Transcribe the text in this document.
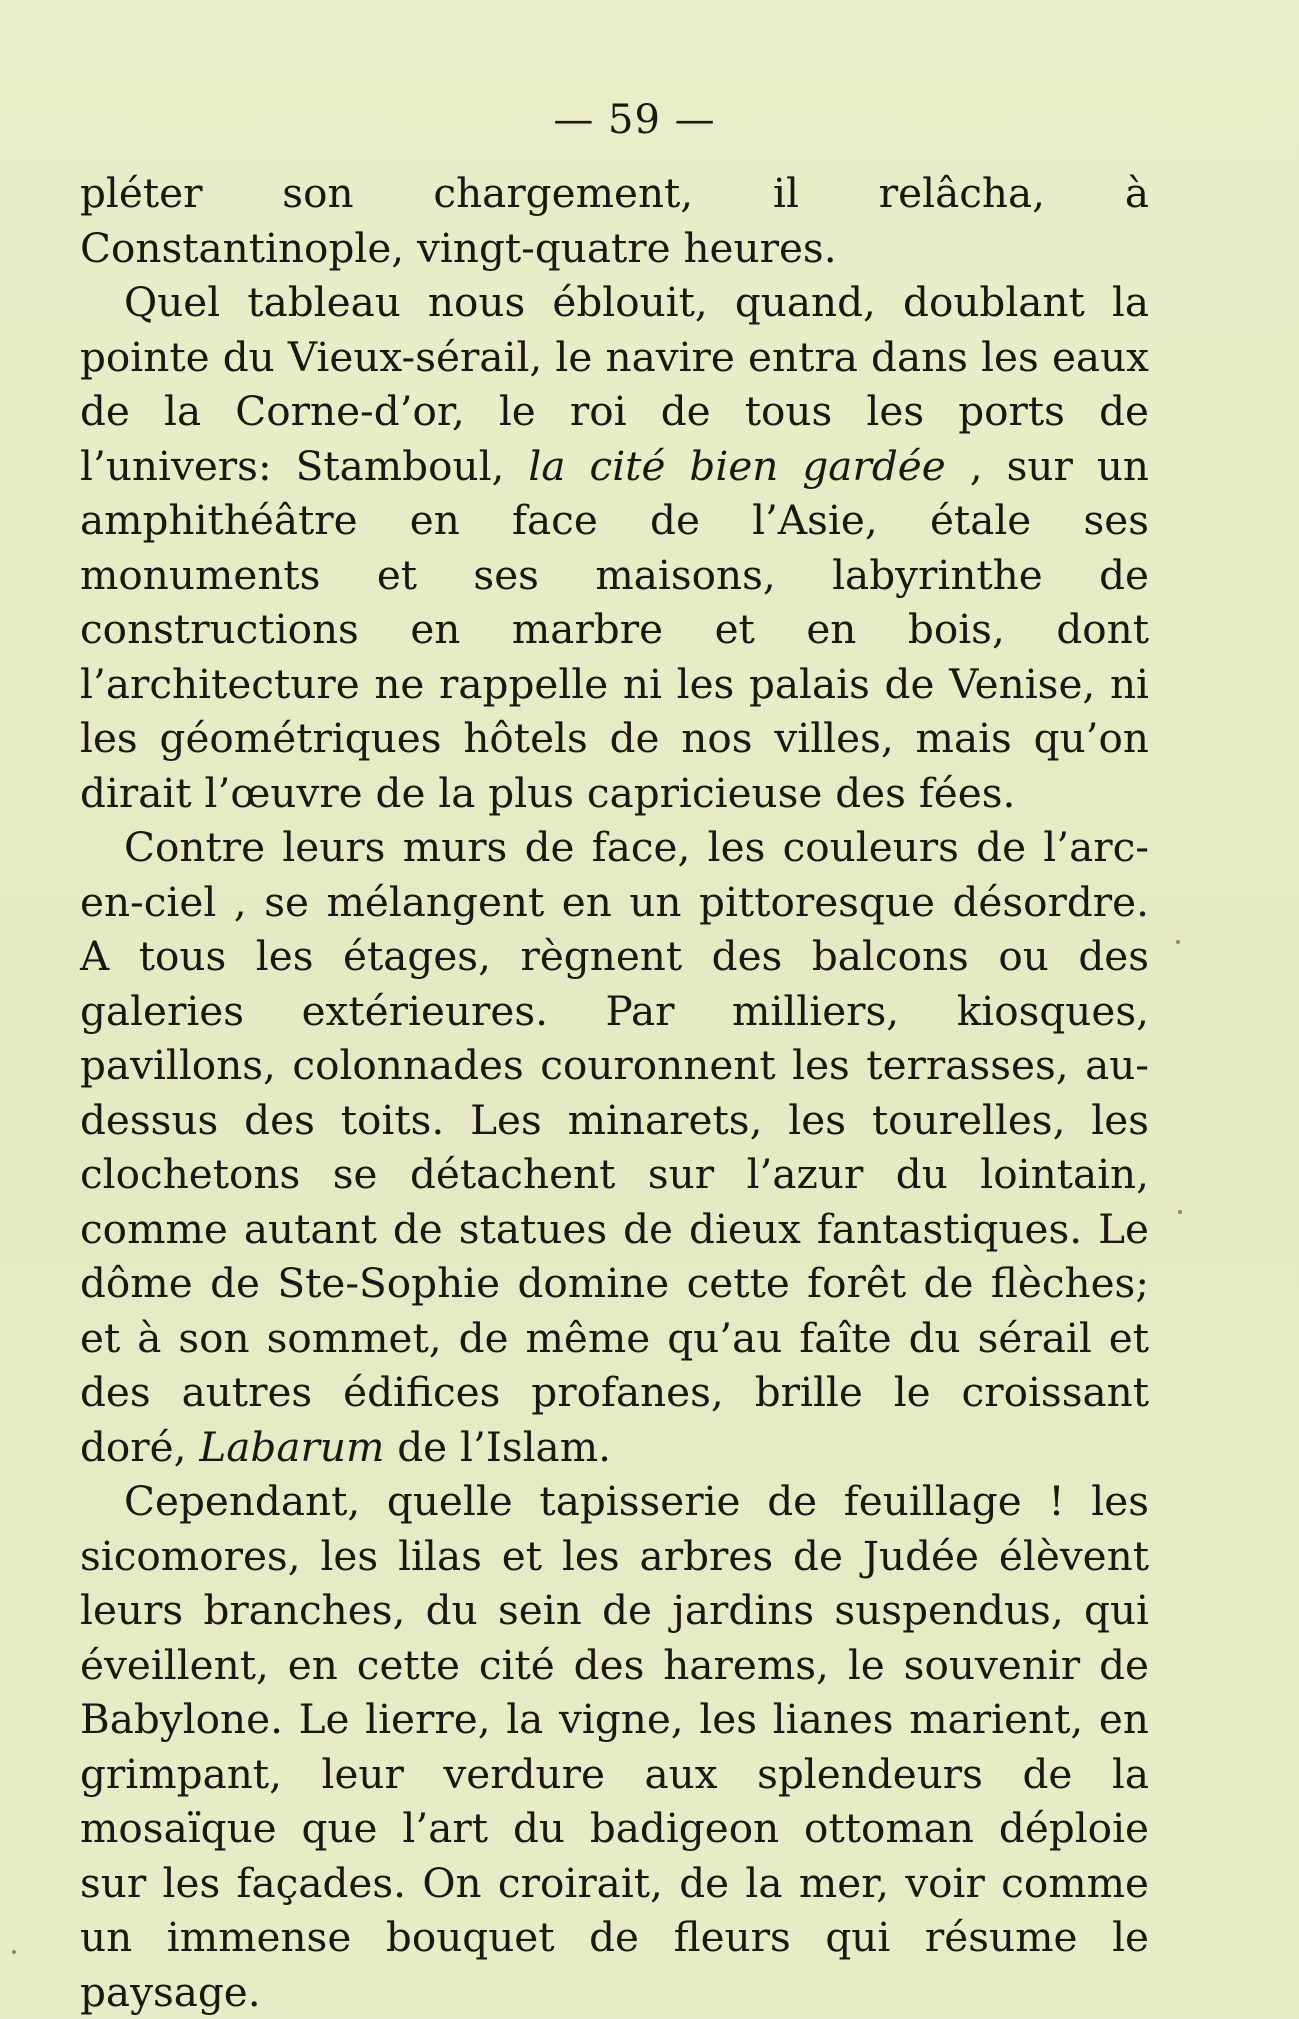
— 59 —

pléter son chargement, il relâcha, à Constantinople, vingt-quatre heures.

Quel tableau nous éblouit, quand, doublant la pointe du Vieux-sérail, le navire entra dans les eaux de la Corne-d’or, le roi de tous les ports de l’univers: Stamboul, la cité bien gardée , sur un amphithéâtre en face de l’Asie, étale ses monuments et ses maisons, labyrinthe de constructions en marbre et en bois, dont l’architecture ne rappelle ni les palais de Venise, ni les géométriques hôtels de nos villes, mais qu’on dirait l’œuvre de la plus capricieuse des fées.

Contre leurs murs de face, les couleurs de l’arc-en-ciel , se mélangent en un pittoresque désordre. A tous les étages, règnent des balcons ou des galeries extérieures. Par milliers, kiosques, pavillons, colonnades couronnent les terrasses, au-dessus des toits. Les minarets, les tourelles, les clochetons se détachent sur l’azur du lointain, comme autant de statues de dieux fantastiques. Le dôme de Ste-Sophie domine cette forêt de flèches; et à son sommet, de même qu’au faîte du sérail et des autres édifices profanes, brille le croissant doré, Labarum de l’Islam.

Cependant, quelle tapisserie de feuillage ! les sicomores, les lilas et les arbres de Judée élèvent leurs branches, du sein de jardins suspendus, qui éveillent, en cette cité des harems, le souvenir de Babylone. Le lierre, la vigne, les lianes marient, en grimpant, leur verdure aux splendeurs de la mosaïque que l’art du badigeon ottoman déploie sur les façades. On croirait, de la mer, voir comme un immense bouquet de fleurs qui résume le paysage.
